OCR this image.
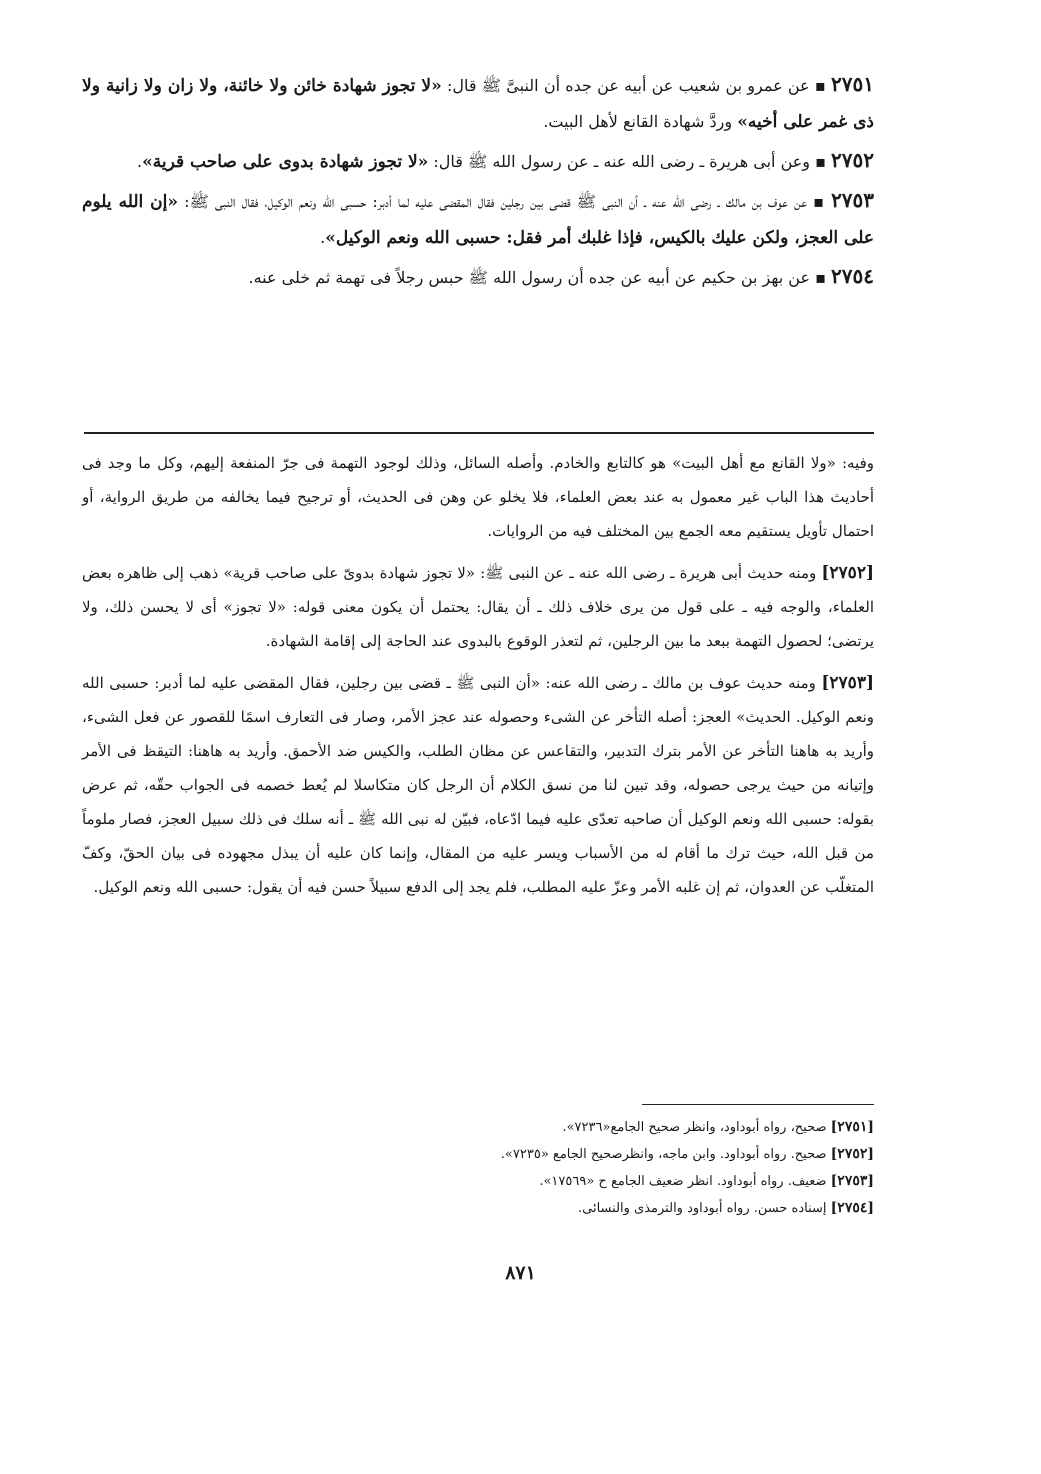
٢٧٥١ ▪ عن عمرو بن شعيب عن أبيه عن جده أن النبىَّ ﷺ قال: «لا تجوز شهادة خائن ولا خائنة، ولا زان ولا زانية ولا ذى غمر على أخيه» وردَّ شهادة القانع لأهل البيت.

٢٧٥٢ ▪ وعن أبى هريرة ـ رضى الله عنه ـ عن رسول الله ﷺ قال: «لا تجوز شهادة بدوى على صاحب قرية».

٢٧٥٣ ▪ عن عوف بن مالك ـ رضى الله عنه ـ أن النبى ﷺ قضى بين رجلين فقال المقضى عليه لما أدبر: حسبى الله ونعم الوكيل، فقال النبى ﷺ: «إن الله يلوم على العجز، ولكن عليك بالكيس، فإذا غلبك أمر فقل: حسبى الله ونعم الوكيل».

٢٧٥٤ ▪ عن بهز بن حكيم عن أبيه عن جده أن رسول الله ﷺ حبس رجلاً فى تهمة ثم خلى عنه.

وفيه: «ولا القانع مع أهل البيت» هو كالتابع والخادم. وأصله السائل، وذلك لوجود التهمة فى جرّ المنفعة إليهم، وكل ما وجد فى أحاديث هذا الباب غير معمول به عند بعض العلماء، فلا يخلو عن وهن فى الحديث، أو ترجيح فيما يخالفه من طريق الرواية، أو احتمال تأويل يستقيم معه الجمع بين المختلف فيه من الروايات.

[٢٧٥٢] ومنه حديث أبى هريرة ـ رضى الله عنه ـ عن النبى ﷺ: «لا تجوز شهادة بدوىّ على صاحب قرية» ذهب إلى ظاهره بعض العلماء، والوجه فيه ـ على قول من يرى خلاف ذلك ـ أن يقال: يحتمل أن يكون معنى قوله: «لا تجوز» أى لا يحسن ذلك، ولا يرتضى؛ لحصول التهمة ببعد ما بين الرجلين، ثم لتعذر الوقوع بالبدوى عند الحاجة إلى إقامة الشهادة.

[٢٧٥٣] ومنه حديث عوف بن مالك ـ رضى الله عنه: «أن النبى ﷺ ـ قضى بين رجلين، فقال المقضى عليه لما أدبر: حسبى الله ونعم الوكيل. الحديث» العجز: أصله التأخر عن الشىء وحصوله عند عجز الأمر، وصار فى التعارف اسمًا للقصور عن فعل الشىء، وأريد به هاهنا التأخر عن الأمر بترك التدبير، والتقاعس عن مظان الطلب، والكيس ضد الأحمق. وأريد به هاهنا: التيقظ فى الأمر وإتيانه من حيث يرجى حصوله، وقد تبين لنا من نسق الكلام أن الرجل كان متكاسلا لم يُعط خصمه فى الجواب حقّه، ثم عرض بقوله: حسبى الله ونعم الوكيل أن صاحبه تعدّى عليه فيما ادّعاه، فبيّن له نبى الله ﷺ ـ أنه سلك فى ذلك سبيل العجز، فصار ملوماً من قبل الله، حيث ترك ما أقام له من الأسباب ويسر عليه من المقال، وإنما كان عليه أن يبذل مجهوده فى بيان الحقّ، وكفّ المتغلّب عن العدوان، ثم إن غلبه الأمر وعزّ عليه المطلب، فلم يجد إلى الدفع سبيلاً حسن فيه أن يقول: حسبى الله ونعم الوكيل.

[٢٧٥١] صحيح، رواه أبوداود، وانظر صحيح الجامع«٧٢٣٦».
[٢٧٥٢] صحيح. رواه أبوداود. وابن ماجه، وانظرصحيح الجامع «٧٢٣٥».
[٢٧٥٣] ضعيف. رواه أبوداود. انظر ضعيف الجامع ح «١٧٥٦٩».
[٢٧٥٤] إسناده حسن. رواه أبوداود والترمذى والنسائى.
٨٧١
